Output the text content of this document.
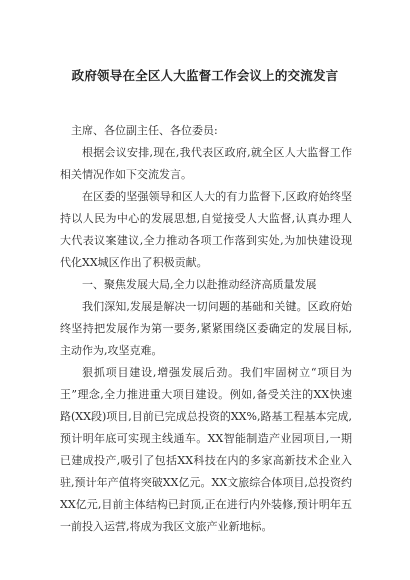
政府领导在全区人大监督工作会议上的交流发言

主席、各位副主任、各位委员:

根据会议安排,现在,我代表区政府,就全区人大监督工作相关情况作如下交流发言。

在区委的坚强领导和区人大的有力监督下,区政府始终坚持以人民为中心的发展思想,自觉接受人大监督,认真办理人大代表议案建议,全力推动各项工作落到实处,为加快建设现代化XX城区作出了积极贡献。

一、聚焦发展大局,全力以赴推动经济高质量发展

我们深知,发展是解决一切问题的基础和关键。区政府始终坚持把发展作为第一要务,紧紧围绕区委确定的发展目标,主动作为,攻坚克难。

狠抓项目建设,增强发展后劲。我们牢固树立“项目为王”理念,全力推进重大项目建设。例如,备受关注的XX快速路(XX段)项目,目前已完成总投资的XX%,路基工程基本完成,预计明年底可实现主线通车。XX智能制造产业园项目,一期已建成投产,吸引了包括XX科技在内的多家高新技术企业入驻,预计年产值将突破XX亿元。XX文旅综合体项目,总投资约XX亿元,目前主体结构已封顶,正在进行内外装修,预计明年五一前投入运营,将成为我区文旅产业新地标。
